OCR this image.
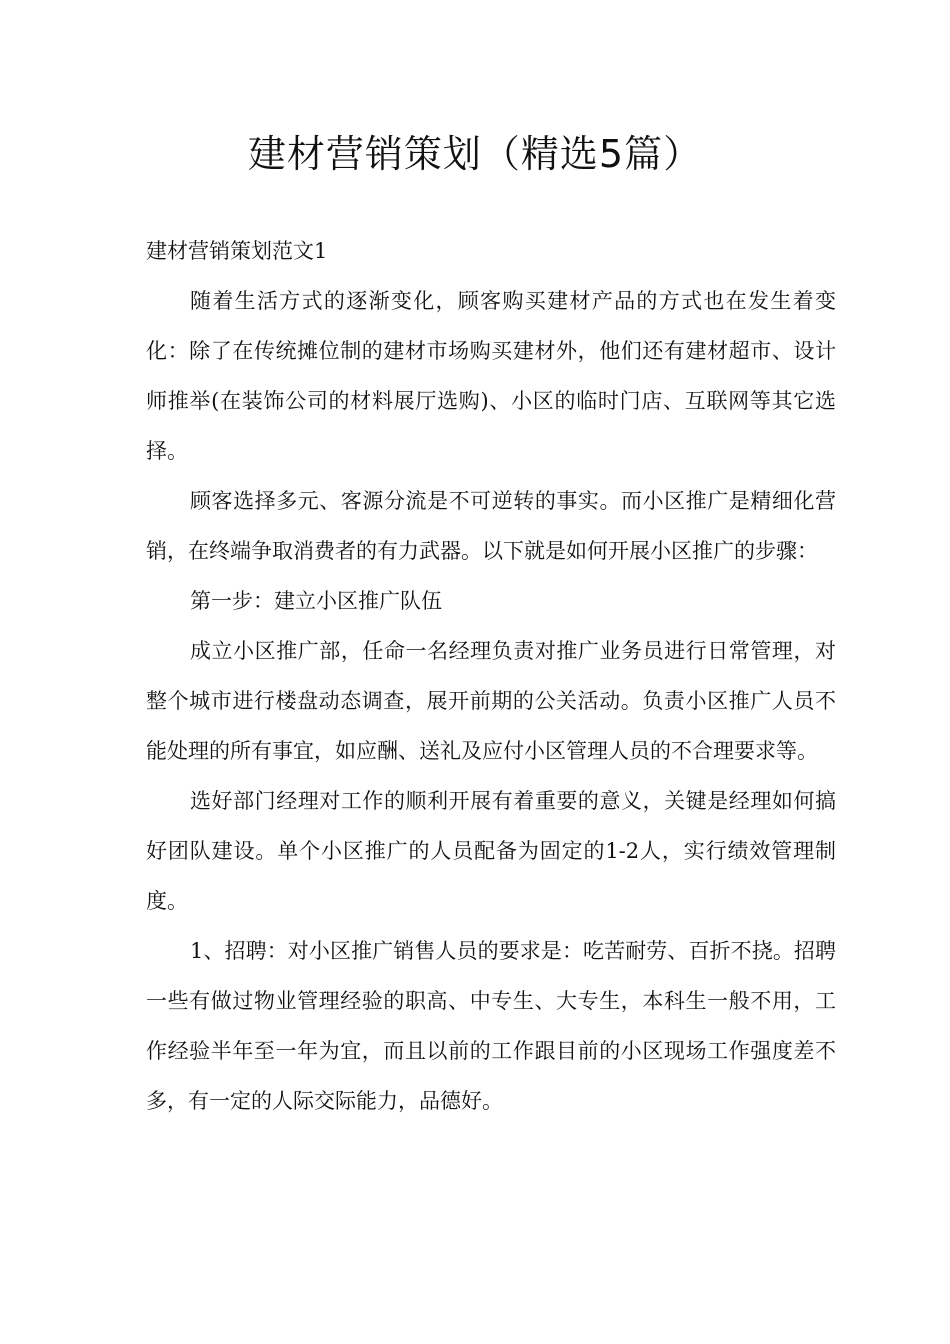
建材营销策划（精选5篇）

建材营销策划范文1

随着生活方式的逐渐变化，顾客购买建材产品的方式也在发生着变化：除了在传统摊位制的建材市场购买建材外，他们还有建材超市、设计师推举(在装饰公司的材料展厅选购)、小区的临时门店、互联网等其它选择。

顾客选择多元、客源分流是不可逆转的事实。而小区推广是精细化营销，在终端争取消费者的有力武器。以下就是如何开展小区推广的步骤：

第一步：建立小区推广队伍

成立小区推广部，任命一名经理负责对推广业务员进行日常管理，对整个城市进行楼盘动态调查，展开前期的公关活动。负责小区推广人员不能处理的所有事宜，如应酬、送礼及应付小区管理人员的不合理要求等。

选好部门经理对工作的顺利开展有着重要的意义，关键是经理如何搞好团队建设。单个小区推广的人员配备为固定的1-2人，实行绩效管理制度。

1、招聘：对小区推广销售人员的要求是：吃苦耐劳、百折不挠。招聘一些有做过物业管理经验的职高、中专生、大专生，本科生一般不用，工作经验半年至一年为宜，而且以前的工作跟目前的小区现场工作强度差不多，有一定的人际交际能力，品德好。
